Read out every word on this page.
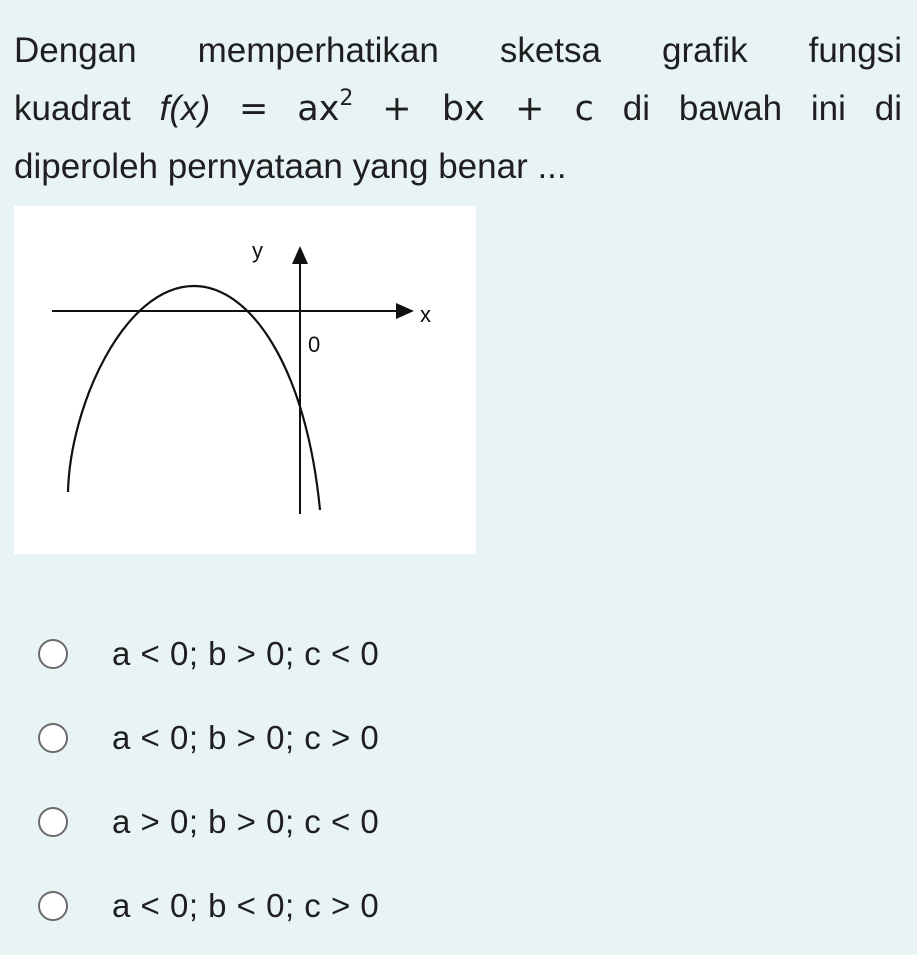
Dengan memperhatikan sketsa grafik fungsi
kuadrat $f(x) = ax^2$ + bx + c di bawah ini di
diperoleh pernyataan yang benar ...
y
x
0
a < 0; b > 0; c < 0
a < 0; b > 0; c > 0
a > 0; b > 0; c < 0
a < 0; b < 0; c > 0
